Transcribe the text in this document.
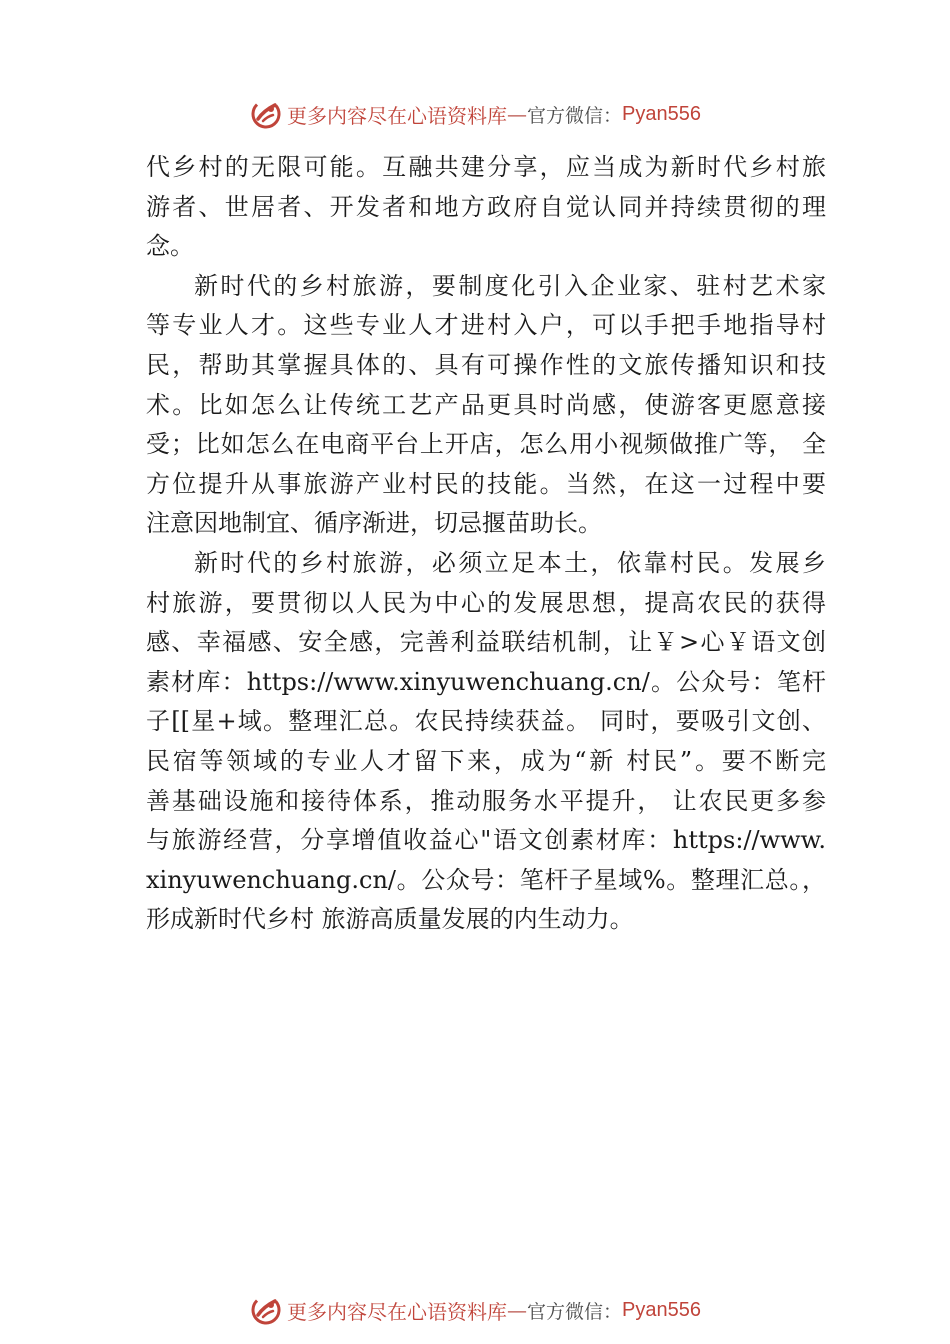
更多内容尽在心语资料库 — 官方微信： Pyan556
代乡村的无限可能。互融共建分享，应当成为新时代乡村旅
游者、世居者、开发者和地方政府自觉认同并持续贯彻的理
念。
新时代的乡村旅游，要制度化引入企业家、驻村艺术家
等专业人才。这些专业人才进村入户，可以手把手地指导村
民，帮助其掌握具体的、具有可操作性的文旅传播知识和技
术。比如怎么让传统工艺产品更具时尚感，使游客更愿意接
受；比如怎么在电商平台上开店，怎么用小视频做推广等， 全
方位提升从事旅游产业村民的技能。当然，在这一过程中要
注意因地制宜、循序渐进，切忌揠苗助长。
新时代的乡村旅游，必须立足本土，依靠村民。发展乡
村旅游，要贯彻以人民为中心的发展思想，提高农民的获得
感、幸福感、安全感，完善利益联结机制，让￥>心￥语文创
素材库：https://www.xinyuwenchuang.cn/。公众号：笔杆
子[[星+域。整理汇总。农民持续获益。 同时，要吸引文创、
民宿等领域的专业人才留下来，成为“新 村民”。要不断完
善基础设施和接待体系，推动服务水平提升， 让农民更多参
与旅游经营，分享增值收益心"语文创素材库：https://www.
xinyuwenchuang.cn/。公众号：笔杆子星域%。整理汇总。，
形成新时代乡村 旅游高质量发展的内生动力。
更多内容尽在心语资料库 — 官方微信： Pyan556
